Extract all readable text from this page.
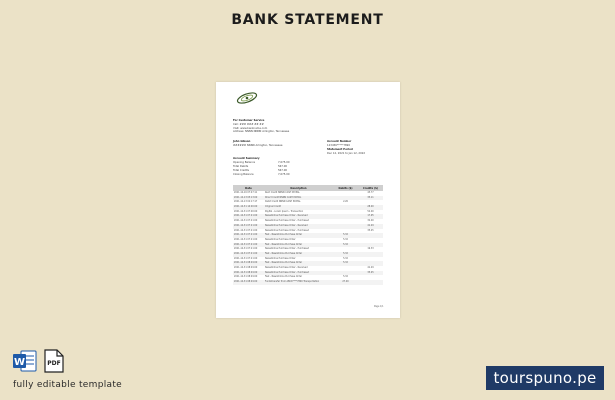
BANK STATEMENT
For Customer Service
Call: ### ### ## ##
Visit: www.bankname.com
Address: NNNN NNNN Arlington, Tennessee
John Gibson
###### NNNN Arlington, Tennessee
Account Number
123456*****7890
Statement Period
Dec 12, 2021 to Jan 12, 2022
Account Summary
Opening Balance	7,075.00
Total Debits	567.00
Total Credits	567.00
Closing Balance	7,075.00
Date	Description	Debits ($)	Credits ($)
2021-12-16 07:47:11	Rent Credit NNNN CASH PAYPAL		45.77
2021-12-13 05:13:00	Direct Credit NNNN CASH PAYPAL		35.11
2021-12-13 02:17:17	Debit Credit NNNN CASH PAYPAL	2.26	
2021-12-31 14:00:00	Original Credit		28.00
2021-12-31 07:00:00	PayPal - Lorem Ipsum - Transaction		52.00
2021-12-31 07:21:00	NewsOnline Purchase Order - Received		17.95
2021-12-31 07:21:00	NewsOnline Purchase Order - Purchased		32.00
2021-12-31 07:21:00	NewsOnline Purchase Order - Received		41.29
2021-12-31 07:21:00	NewsOnline Purchase Order - Purchased		35.45
2021-12-31 07:21:00	Fast - NewsOnline Purchase Order	5.32	
2021-12-31 07:21:00	NewsOnline Purchase Order	5.32	
2021-12-31 07:21:00	Fast - NewsOnline Purchase Order	5.32	
2021-12-31 07:21:00	NewsOnline Purchase Order - Purchased		19.33
2021-12-31 07:21:00	Fast - NewsOnline Purchase Order	5.32	
2021-12-31 07:21:00	NewsOnline Purchase Order	5.32	
2021-12-31 08:49:00	Fast - NewsOnline Purchase Order	5.32	
2021-12-31 08:49:00	NewsOnline Purchase Order - Received		41.29
2021-12-31 08:49:00	NewsOnline Purchase Order - Purchased		35.45
2021-12-31 08:49:00	Fast - NewsOnline Purchase Order	5.32	
2021-12-31 08:49:00	Fundstransfer from ABCD****7890 Transportation	27.00	
Page 1/1
W	PDF
fully editable template	tourspuno.pe
